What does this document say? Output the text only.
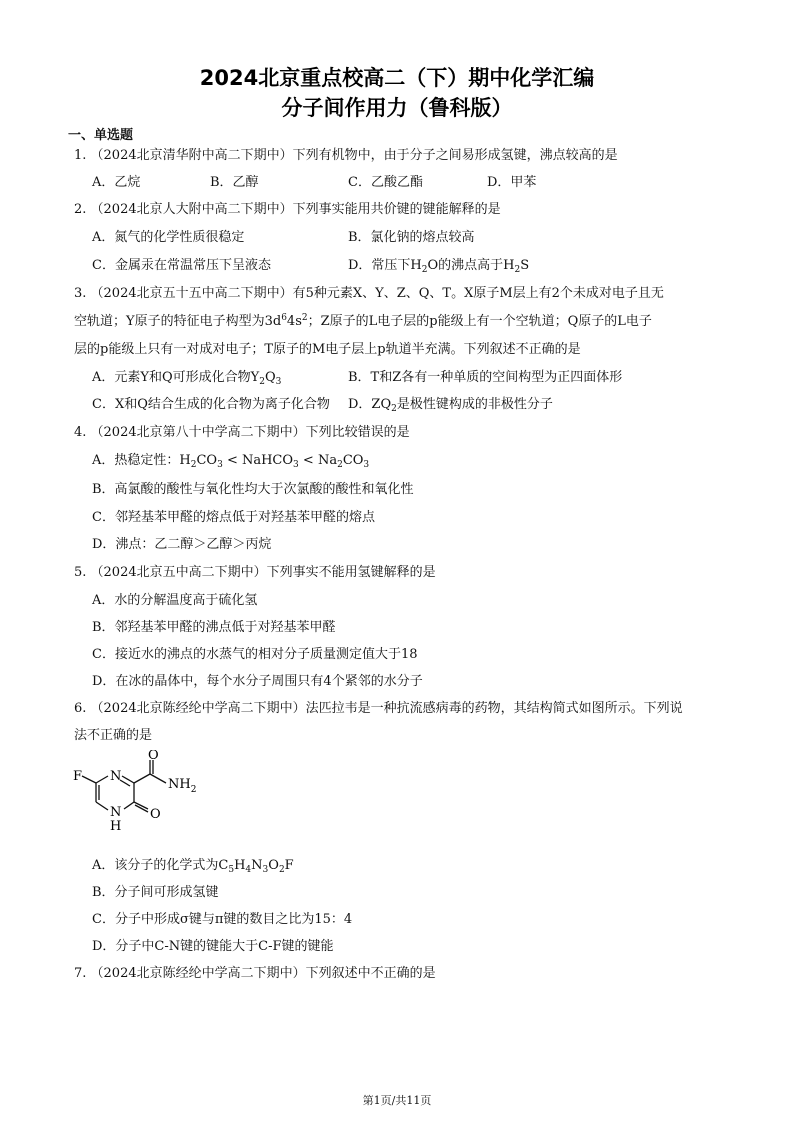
2024北京重点校高二（下）期中化学汇编
分子间作用力（鲁科版）
一、单选题
1. （2024北京清华附中高二下期中）下列有机物中，由于分子之间易形成氢键，沸点较高的是
A．乙烷	B．乙醇	C．乙酸乙酯	D．甲苯
2. （2024北京人大附中高二下期中）下列事实能用共价键的键能解释的是
A．氮气的化学性质很稳定	B．氯化钠的熔点较高
C．金属汞在常温常压下呈液态	D．常压下$H_2O$的沸点高于$H_2S$
3. （2024北京五十五中高二下期中）有5种元素X、Y、Z、Q、T。X原子M层上有2个未成对电子且无
空轨道；Y原子的特征电子构型为$3d^64s^2$；Z原子的L电子层的p能级上有一个空轨道；Q原子的L电子
层的p能级上只有一对成对电子；T原子的M电子层上p轨道半充满。下列叙述不正确的是
A．元素Y和Q可形成化合物$Y_2Q_3$	B．T和Z各有一种单质的空间构型为正四面体形
C．X和Q结合生成的化合物为离子化合物 D．$ZQ_2$是极性键构成的非极性分子
4. （2024北京第八十中学高二下期中）下列比较错误的是
A．热稳定性：$H_2CO_3$ < NaHCO$_3$ < $Na_2CO_3$
B．高氯酸的酸性与氧化性均大于次氯酸的酸性和氧化性
C．邻羟基苯甲醛的熔点低于对羟基苯甲醛的熔点
D．沸点：乙二醇＞乙醇＞丙烷
5. （2024北京五中高二下期中）下列事实不能用氢键解释的是
A．水的分解温度高于硫化氢
B．邻羟基苯甲醛的沸点低于对羟基苯甲醛
C．接近水的沸点的水蒸气的相对分子质量测定值大于18
D．在冰的晶体中，每个水分子周围只有4个紧邻的水分子
6. （2024北京陈经纶中学高二下期中）法匹拉韦是一种抗流感病毒的药物，其结构简式如图所示。下列说
法不正确的是
F N
O
$NH_2$
N
H
O
A．该分子的化学式为$C_5H_4N_3O_2F$
B．分子间可形成氢键
C．分子中形成σ键与π键的数目之比为15：4
D．分子中C-N键的键能大于C-F键的键能
7. （2024北京陈经纶中学高二下期中）下列叙述中不正确的是
第1页/共11页
